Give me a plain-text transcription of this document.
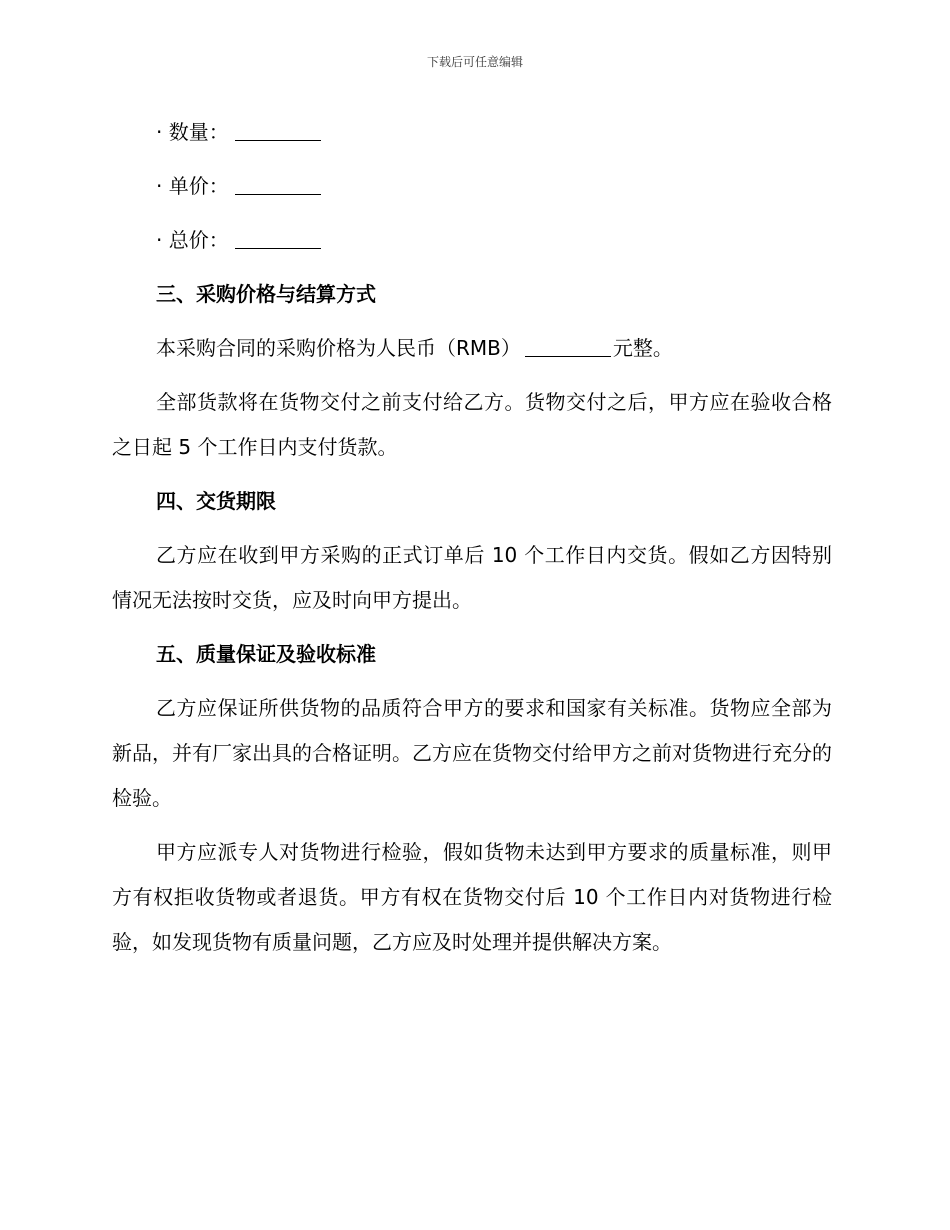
下载后可任意编辑
· 数量：
· 单价：
· 总价：
三、采购价格与结算方式
本采购合同的采购价格为人民币（RMB）	元整。
全部货款将在货物交付之前支付给乙方。货物交付之后，甲方应在验收合格之日起 5 个工作日内支付货款。
四、交货期限
乙方应在收到甲方采购的正式订单后 10 个工作日内交货。假如乙方因特别情况无法按时交货，应及时向甲方提出。
五、质量保证及验收标准
乙方应保证所供货物的品质符合甲方的要求和国家有关标准。货物应全部为新品，并有厂家出具的合格证明。乙方应在货物交付给甲方之前对货物进行充分的检验。
甲方应派专人对货物进行检验，假如货物未达到甲方要求的质量标准，则甲方有权拒收货物或者退货。甲方有权在货物交付后 10 个工作日内对货物进行检验，如发现货物有质量问题，乙方应及时处理并提供解决方案。
